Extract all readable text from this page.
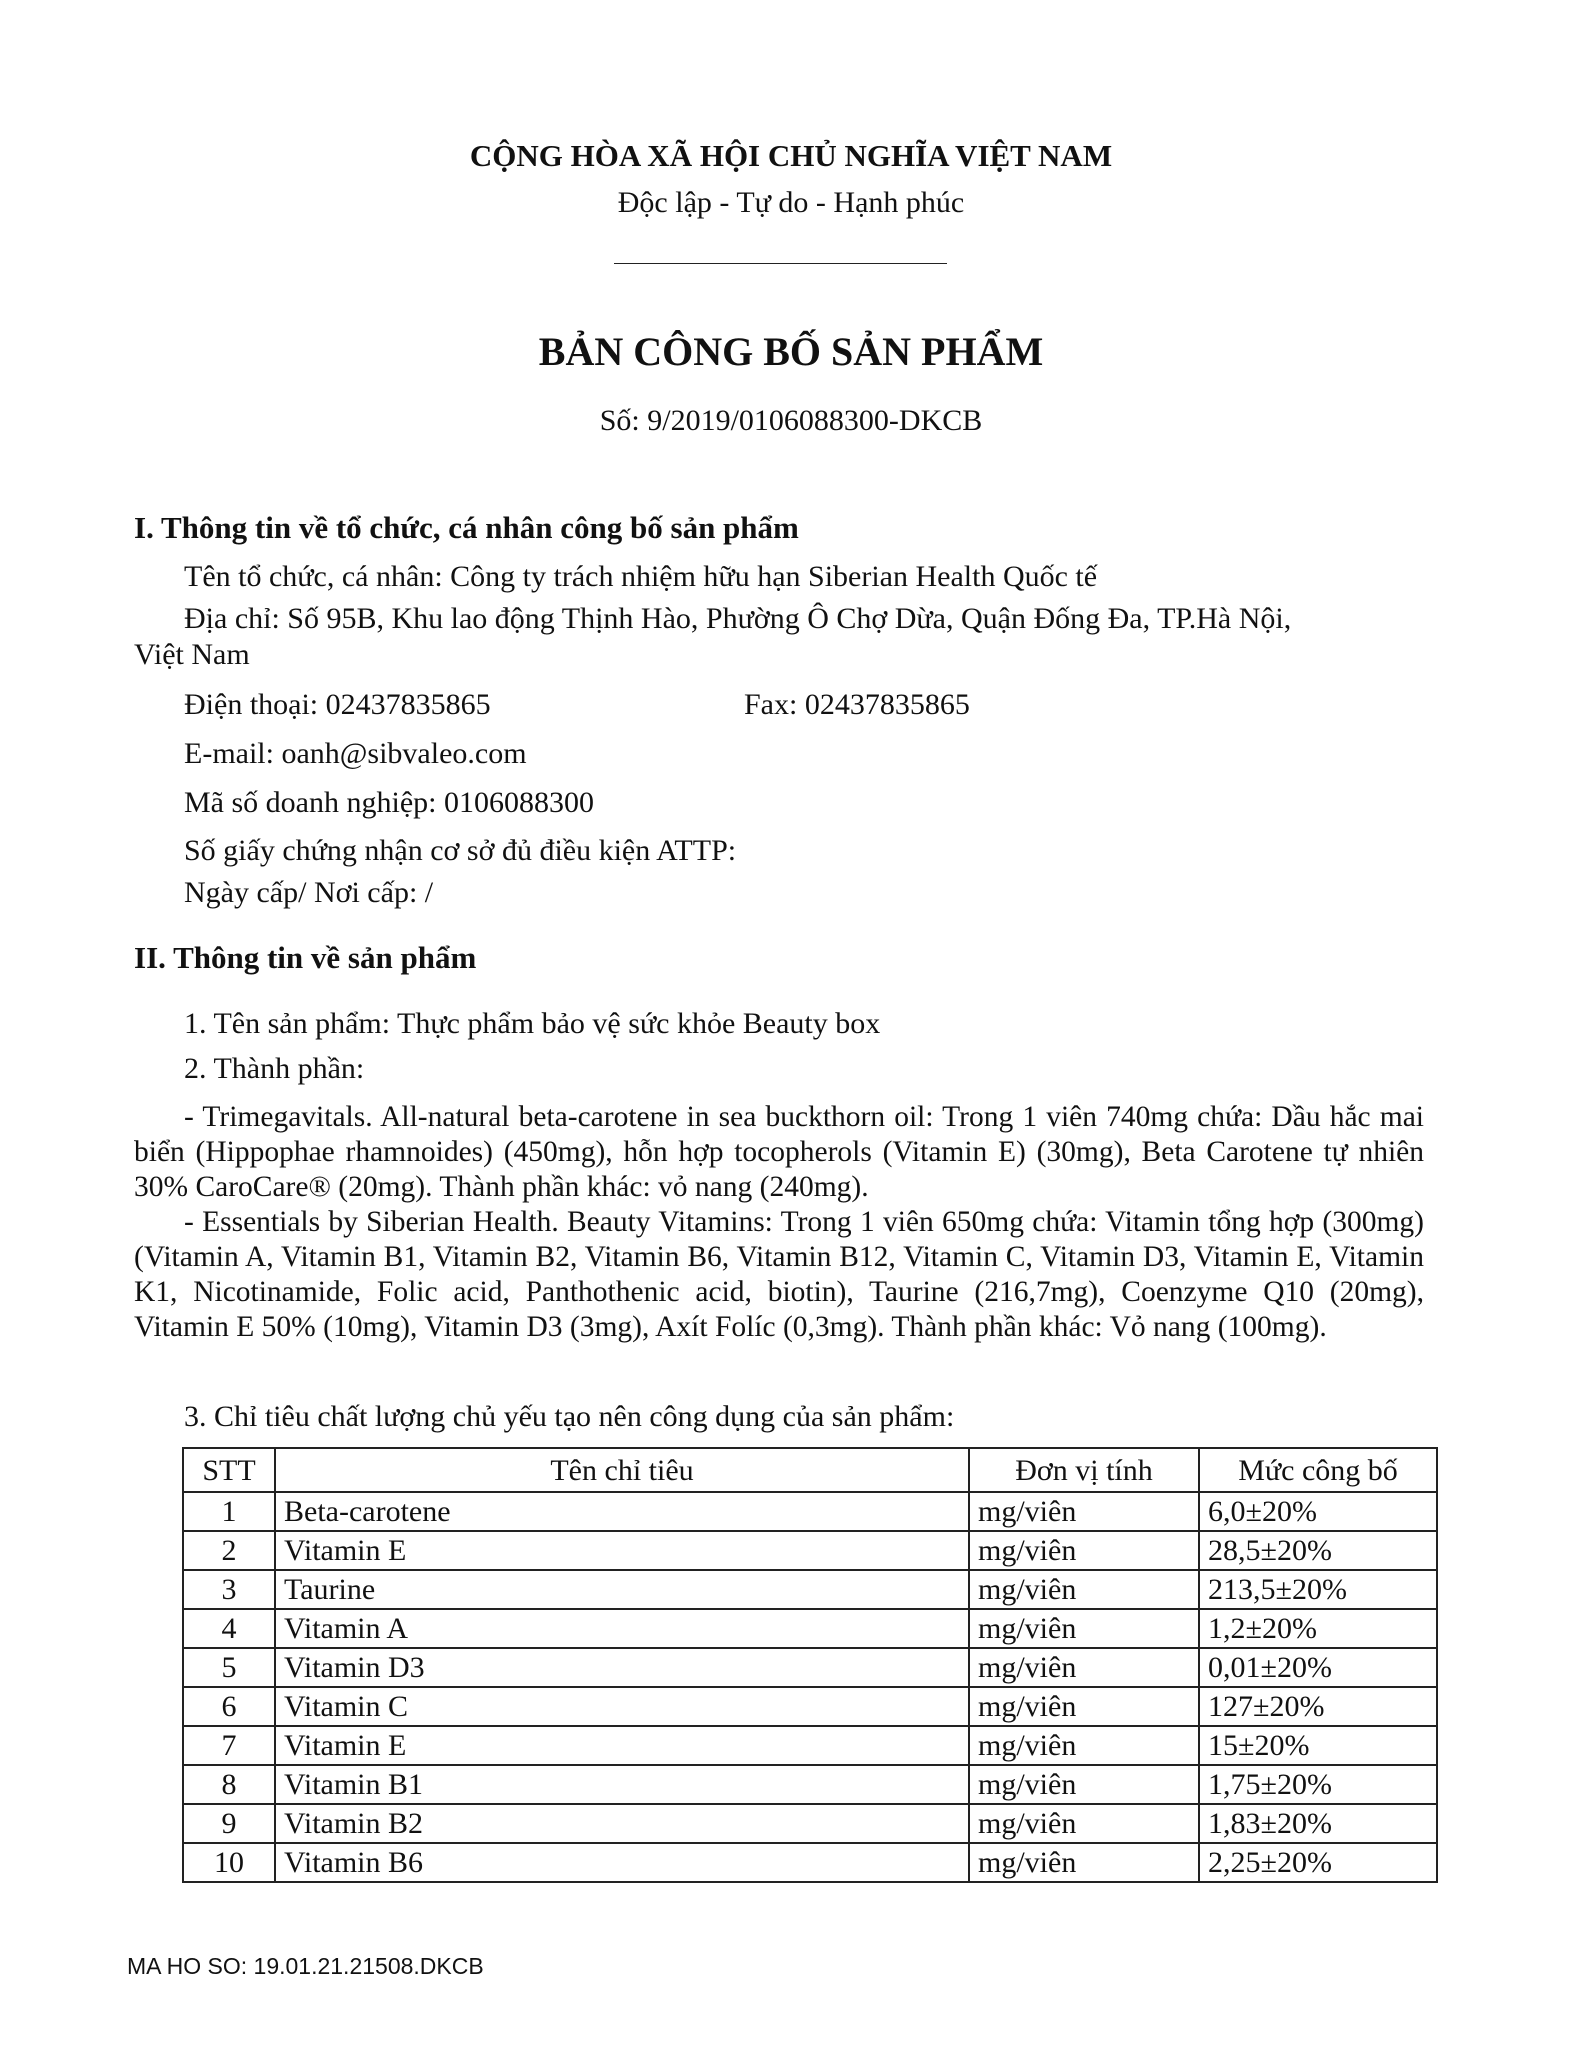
CỘNG HÒA XÃ HỘI CHỦ NGHĨA VIỆT NAM
Độc lập - Tự do - Hạnh phúc
BẢN CÔNG BỐ SẢN PHẨM
Số: 9/2019/0106088300-DKCB
I. Thông tin về tổ chức, cá nhân công bố sản phẩm
Tên tổ chức, cá nhân: Công ty trách nhiệm hữu hạn Siberian Health Quốc tế
Địa chỉ: Số 95B, Khu lao động Thịnh Hào, Phường Ô Chợ Dừa, Quận Đống Đa, TP.Hà Nội,
Việt Nam
Điện thoại: 02437835865	Fax: 02437835865
E-mail: oanh@sibvaleo.com
Mã số doanh nghiệp: 0106088300
Số giấy chứng nhận cơ sở đủ điều kiện ATTP:
Ngày cấp/ Nơi cấp: /
II. Thông tin về sản phẩm
1. Tên sản phẩm: Thực phẩm bảo vệ sức khỏe Beauty box
2. Thành phần:

- Trimegavitals. All-natural beta-carotene in sea buckthorn oil: Trong 1 viên 740mg chứa: Dầu hắc mai biển (Hippophae rhamnoides) (450mg), hỗn hợp tocopherols (Vitamin E) (30mg), Beta Carotene tự nhiên 30% CaroCare® (20mg). Thành phần khác: vỏ nang (240mg).

- Essentials by Siberian Health. Beauty Vitamins: Trong 1 viên 650mg chứa: Vitamin tổng hợp (300mg) (Vitamin A, Vitamin B1, Vitamin B2, Vitamin B6, Vitamin B12, Vitamin C, Vitamin D3, Vitamin E, Vitamin K1, Nicotinamide, Folic acid, Panthothenic acid, biotin), Taurine (216,7mg), Coenzyme Q10 (20mg), Vitamin E 50% (10mg), Vitamin D3 (3mg), Axít Folíc (0,3mg). Thành phần khác: Vỏ nang (100mg).

3. Chỉ tiêu chất lượng chủ yếu tạo nên công dụng của sản phẩm:
STT	Tên chỉ tiêu	Đơn vị tính	Mức công bố
1	Beta-carotene	mg/viên	6,0±20%
2	Vitamin E	mg/viên	28,5±20%
3	Taurine	mg/viên	213,5±20%
4	Vitamin A	mg/viên	1,2±20%
5	Vitamin D3	mg/viên	0,01±20%
6	Vitamin C	mg/viên	127±20%
7	Vitamin E	mg/viên	15±20%
8	Vitamin B1	mg/viên	1,75±20%
9	Vitamin B2	mg/viên	1,83±20%
10	Vitamin B6	mg/viên	2,25±20%
MA HO SO: 19.01.21.21508.DKCB
